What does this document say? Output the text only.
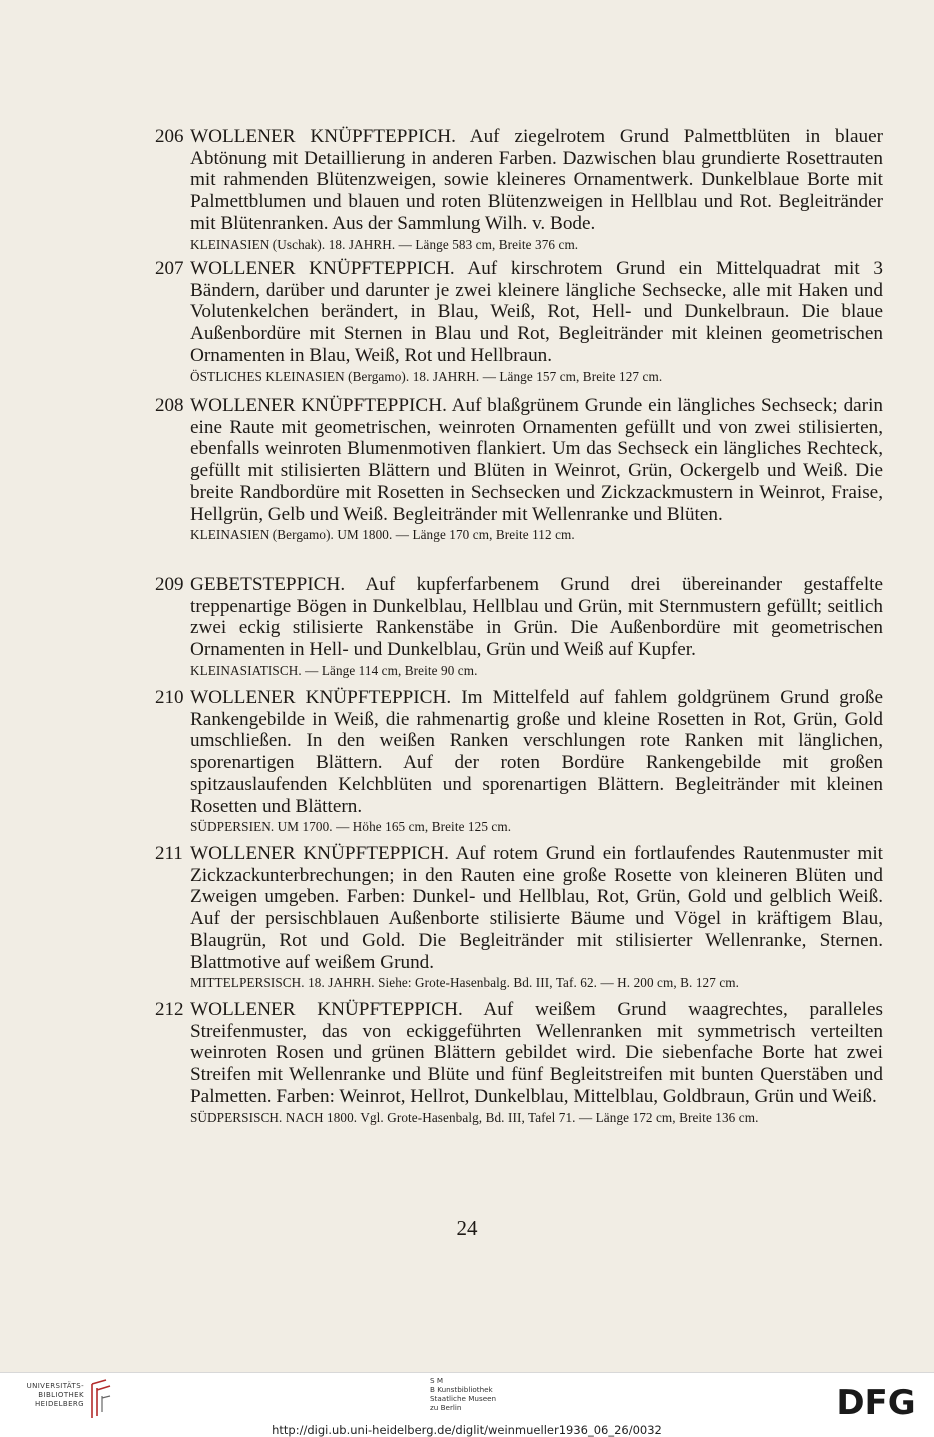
206 WOLLENER KNÜPFTEPPICH. Auf ziegelrotem Grund Palmettblüten in blauer Abtönung mit Detaillierung in anderen Farben. Dazwischen blau grundierte Rosettrauten mit rahmenden Blütenzweigen, sowie kleineres Ornamentwerk. Dunkelblaue Borte mit Palmettblumen und blauen und roten Blütenzweigen in Hellblau und Rot. Begleitränder mit Blütenranken. Aus der Sammlung Wilh. v. Bode.
KLEINASIEN (Uschak). 18. JAHRH. — Länge 583 cm, Breite 376 cm.
207 WOLLENER KNÜPFTEPPICH. Auf kirschrotem Grund ein Mittelquadrat mit 3 Bändern, darüber und darunter je zwei kleinere längliche Sechsecke, alle mit Haken und Volutenkelchen berändert, in Blau, Weiß, Rot, Hell- und Dunkelbraun. Die blaue Außenbordüre mit Sternen in Blau und Rot, Begleitränder mit kleinen geometrischen Ornamenten in Blau, Weiß, Rot und Hellbraun.
ÖSTLICHES KLEINASIEN (Bergamo). 18. JAHRH. — Länge 157 cm, Breite 127 cm.
208 WOLLENER KNÜPFTEPPICH. Auf blaßgrünem Grunde ein längliches Sechseck; darin eine Raute mit geometrischen, weinroten Ornamenten gefüllt und von zwei stilisierten, ebenfalls weinroten Blumenmotiven flankiert. Um das Sechseck ein längliches Rechteck, gefüllt mit stilisierten Blättern und Blüten in Weinrot, Grün, Ockergelb und Weiß. Die breite Randbordüre mit Rosetten in Sechsecken und Zickzackmustern in Weinrot, Fraise, Hellgrün, Gelb und Weiß. Begleitränder mit Wellenranke und Blüten.
KLEINASIEN (Bergamo). UM 1800. — Länge 170 cm, Breite 112 cm.
209 GEBETSTEPPICH. Auf kupferfarbenem Grund drei übereinander gestaffelte treppenartige Bögen in Dunkelblau, Hellblau und Grün, mit Sternmustern gefüllt; seitlich zwei eckig stilisierte Rankenstäbe in Grün. Die Außenbordüre mit geometrischen Ornamenten in Hell- und Dunkelblau, Grün und Weiß auf Kupfer.
KLEINASIATISCH. — Länge 114 cm, Breite 90 cm.
210 WOLLENER KNÜPFTEPPICH. Im Mittelfeld auf fahlem goldgrünem Grund große Rankengebilde in Weiß, die rahmenartig große und kleine Rosetten in Rot, Grün, Gold umschließen. In den weißen Ranken verschlungen rote Ranken mit länglichen, sporenartigen Blättern. Auf der roten Bordüre Rankengebilde mit großen spitzauslaufenden Kelchblüten und sporenartigen Blättern. Begleitränder mit kleinen Rosetten und Blättern.
SÜDPERSIEN. UM 1700. — Höhe 165 cm, Breite 125 cm.
211 WOLLENER KNÜPFTEPPICH. Auf rotem Grund ein fortlaufendes Rautenmuster mit Zickzackunterbrechungen; in den Rauten eine große Rosette von kleineren Blüten und Zweigen umgeben. Farben: Dunkel- und Hellblau, Rot, Grün, Gold und gelblich Weiß. Auf der persischblauen Außenborte stilisierte Bäume und Vögel in kräftigem Blau, Blaugrün, Rot und Gold. Die Begleitränder mit stilisierter Wellenranke, Sternen. Blattmotive auf weißem Grund.
MITTELPERSISCH. 18. JAHRH. Siehe: Grote-Hasenbalg. Bd. III, Taf. 62. — H. 200 cm, B. 127 cm.
212 WOLLENER KNÜPFTEPPICH. Auf weißem Grund waagrechtes, paralleles Streifenmuster, das von eckiggeführten Wellenranken mit symmetrisch verteilten weinroten Rosen und grünen Blättern gebildet wird. Die siebenfache Borte hat zwei Streifen mit Wellenranke und Blüte und fünf Begleitstreifen mit bunten Querstäben und Palmetten. Farben: Weinrot, Hellrot, Dunkelblau, Mittelblau, Goldbraun, Grün und Weiß.
SÜDPERSISCH. NACH 1800. Vgl. Grote-Hasenbalg, Bd. III, Tafel 71. — Länge 172 cm, Breite 136 cm.
24
UNIVERSITÄTS-
BIBLIOTHEK
HEIDELBERG
S M
B Kunstbibliothek
Staatliche Museen
zu Berlin	DFG
http://digi.ub.uni-heidelberg.de/diglit/weinmueller1936_06_26/0032
